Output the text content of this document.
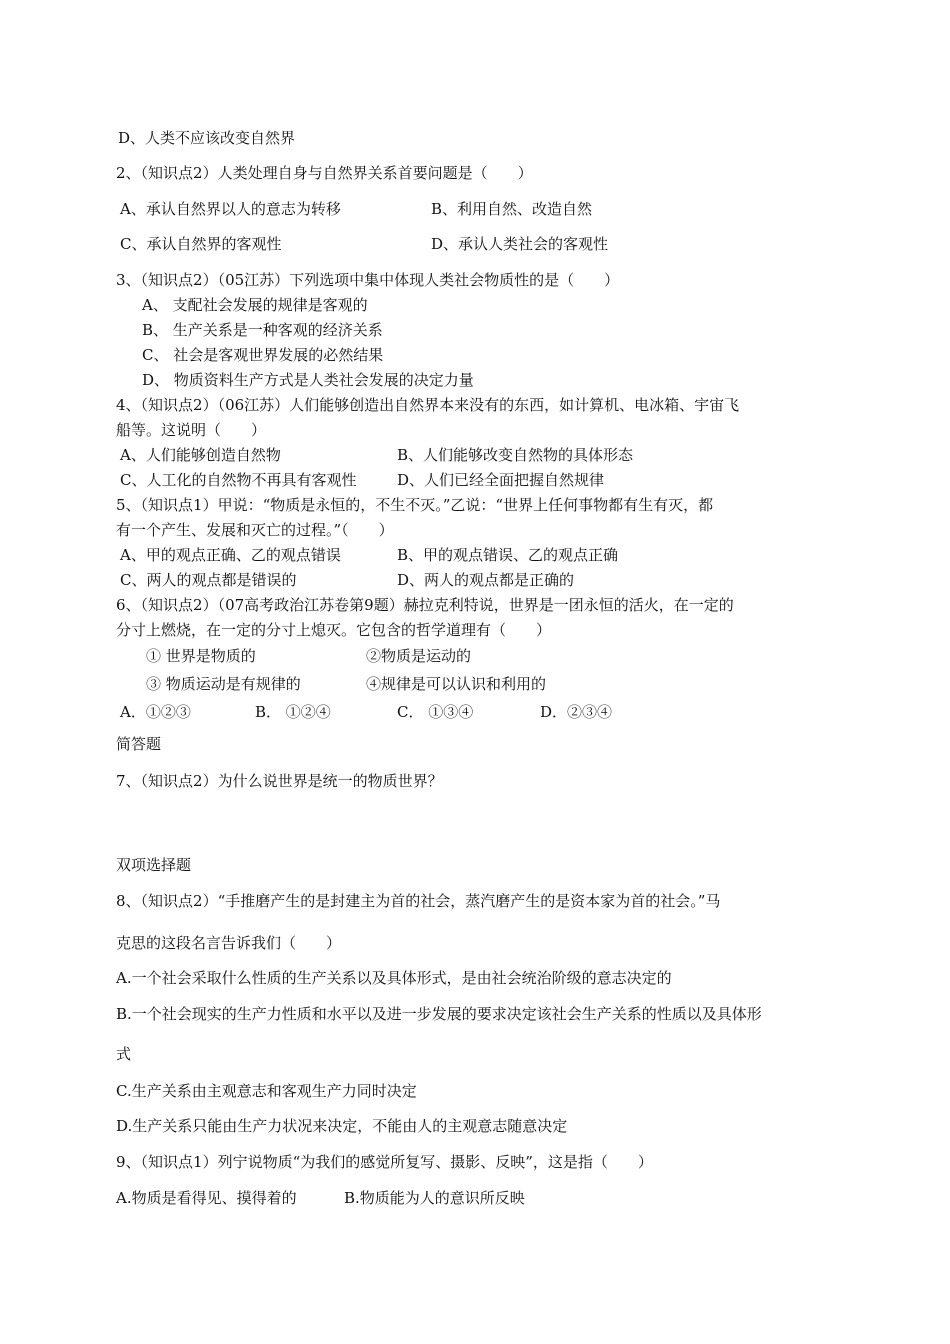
D、人类不应该改变自然界
2、（知识点2）人类处理自身与自然界关系首要问题是（　　）
A、承认自然界以人的意志为转移	B、利用自然、改造自然
C、承认自然界的客观性	D、承认人类社会的客观性
3、（知识点2）（05江苏）下列选项中集中体现人类社会物质性的是（　　）
A、 支配社会发展的规律是客观的
B、 生产关系是一种客观的经济关系
C、 社会是客观世界发展的必然结果
D、 物质资料生产方式是人类社会发展的决定力量
4、（知识点2）（06江苏）人们能够创造出自然界本来没有的东西，如计算机、电冰箱、宇宙飞
船等。这说明（　　）
A、人们能够创造自然物	B、人们能够改变自然物的具体形态
C、人工化的自然物不再具有客观性	D、人们已经全面把握自然规律
5、（知识点1）甲说：“物质是永恒的，不生不灭。”乙说：“世界上任何事物都有生有灭，都
有一个产生、发展和灭亡的过程。”（　　）
A、甲的观点正确、乙的观点错误	B、甲的观点错误、乙的观点正确
C、两人的观点都是错误的	D、两人的观点都是正确的
6、（知识点2）（07高考政治江苏卷第9题）赫拉克利特说，世界是一团永恒的活火，在一定的
分寸上燃烧，在一定的分寸上熄灭。它包含的哲学道理有（　　）
① 世界是物质的	②物质是运动的
③ 物质运动是有规律的	④规律是可以认识和利用的
A．①②③	B． ①②④	C． ①③④	D．②③④
简答题
7、（知识点2）为什么说世界是统一的物质世界？
双项选择题
8、（知识点2）“手推磨产生的是封建主为首的社会，蒸汽磨产生的是资本家为首的社会。”马
克思的这段名言告诉我们（　　）
A.一个社会采取什么性质的生产关系以及具体形式，是由社会统治阶级的意志决定的
B.一个社会现实的生产力性质和水平以及进一步发展的要求决定该社会生产关系的性质以及具体形
式
C.生产关系由主观意志和客观生产力同时决定
D.生产关系只能由生产力状况来决定，不能由人的主观意志随意决定
9、（知识点1）列宁说物质“为我们的感觉所复写、摄影、反映”，这是指（　　）
A.物质是看得见、摸得着的	B.物质能为人的意识所反映
